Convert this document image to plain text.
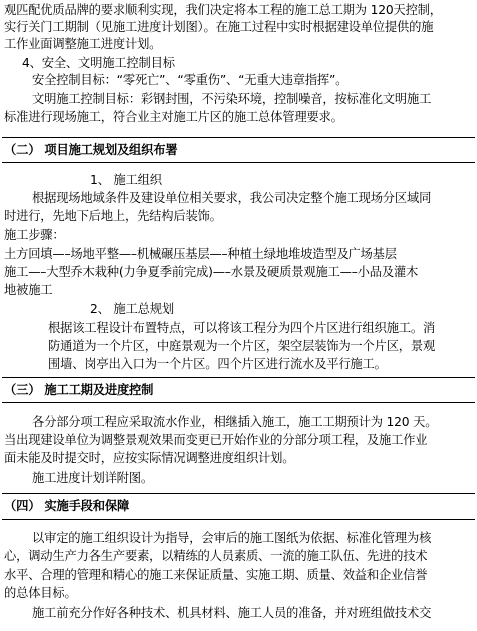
观匹配优质品牌的要求顺利实现，我们决定将本工程的施工总工期为 120天控制，
实行关门工期制（见施工进度计划图）。在施工过程中实时根据建设单位提供的施
工作业面调整施工进度计划。
4、安全、文明施工控制目标
安全控制目标：“零死亡”、“零重伤”、“无重大违章指挥”。
文明施工控制目标：彩钢封围，不污染环境，控制噪音，按标准化文明施工
标准进行现场施工，符合业主对施工片区的施工总体管理要求。
（二） 项目施工规划及组织布署
1、 施工组织
根据现场地域条件及建设单位相关要求，我公司决定整个施工现场分区域同
时进行，先地下后地上，先结构后装饰。
施工步骤：
土方回填—–场地平整—–机械碾压基层—–种植土绿地堆坡造型及广场基层
施工—–大型乔木栽种(力争夏季前完成)—–水景及硬质景观施工—–小品及灌木
地被施工
2、 施工总规划
根据该工程设计布置特点，可以将该工程分为四个片区进行组织施工。消
防通道为一个片区，中庭景观为一个片区，架空层装饰为一个片区，景观
围墙、岗亭出入口为一个片区。四个片区进行流水及平行施工。
（三） 施工工期及进度控制
各分部分项工程应采取流水作业，相继插入施工，施工工期预计为 120 天。
当出现建设单位为调整景观效果而变更已开始作业的分部分项工程，及施工作业
面未能及时提交时，应按实际情况调整进度组织计划。
施工进度计划详附图。
（四） 实施手段和保障
以审定的施工组织设计为指导，会审后的施工图纸为依据、标准化管理为核
心，调动生产力各生产要素，以精练的人员素质、一流的施工队伍、先进的技术
水平、合理的管理和精心的施工来保证质量、实施工期、质量、效益和企业信誉
的总体目标。
施工前充分作好各种技术、机具材料、施工人员的准备，并对班组做技术交
